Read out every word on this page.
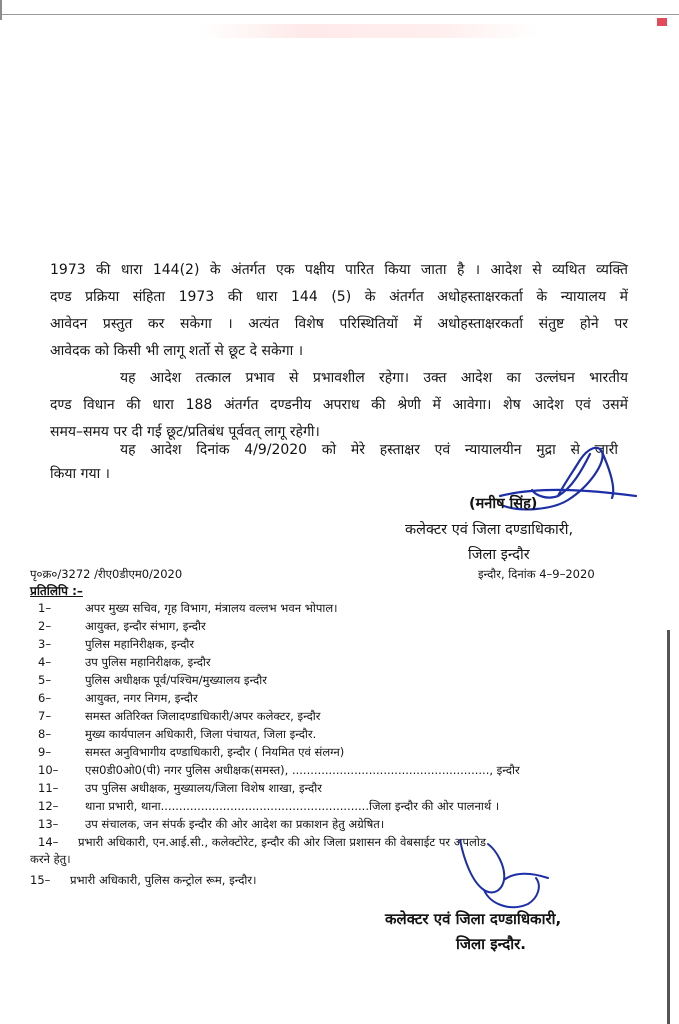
1973 की धारा 144(2) के अंतर्गत एक पक्षीय पारित किया जाता है । आदेश से व्यथित व्यक्ति
दण्ड प्रक्रिया संहिता 1973 की धारा 144 (5) के अंतर्गत अधोहस्ताक्षरकर्ता के न्यायालय में
आवेदन प्रस्तुत कर सकेगा । अत्यंत विशेष परिस्थितियों में अधोहस्ताक्षरकर्ता संतुष्ट होने पर
आवेदक को किसी भी लागू शर्तो से छूट दे सकेगा ।
यह आदेश तत्काल प्रभाव से प्रभावशील रहेगा। उक्त आदेश का उल्लंघन भारतीय
दण्ड विधान की धारा 188 अंतर्गत दण्डनीय अपराध की श्रेणी में आवेगा। शेष आदेश एवं उसमें
समय–समय पर दी गई छूट/प्रतिबंध पूर्ववत् लागू रहेगी।
यह आदेश दिनांक 4/9/2020 को मेरे हस्ताक्षर एवं न्यायालयीन मुद्रा से जारी
किया गया ।
(मनीष सिंह)
कलेक्टर एवं जिला दण्डाधिकारी,
जिला इन्दौर
पृ०क्र०/3272 /रीए0डीएम0/2020	इन्दौर, दिनांक 4–9–2020
प्रतिलिपि :–
1–	अपर मुख्य सचिव, गृह विभाग, मंत्रालय वल्लभ भवन भोपाल।
2–	आयुक्त, इन्दौर संभाग, इन्दौर
3–	पुलिस महानिरीक्षक, इन्दौर
4–	उप पुलिस महानिरीक्षक, इन्दौर
5–	पुलिस अधीक्षक पूर्व/पश्चिम/मुख्यालय इन्दौर
6–	आयुक्त, नगर निगम, इन्दौर
7–	समस्त अतिरिक्त जिलादण्डाधिकारी/अपर कलेक्टर, इन्दौर
8–	मुख्य कार्यपालन अधिकारी, जिला पंचायत, जिला इन्दौर.
9–	समस्त अनुविभागीय दण्डाधिकारी, इन्दौर ( नियमित एवं संलग्न)
10– एस0डी0ओ0(पी) नगर पुलिस अधीक्षक(समस्त), ......................................................, इन्दौर
11– उप पुलिस अधीक्षक, मुख्यालय/जिला विशेष शाखा, इन्दौर
12– थाना प्रभारी, थाना.........................................................जिला इन्दौर की ओर पालनार्थ ।
13– उप संचालक, जन संपर्क इन्दौर की ओर आदेश का प्रकाशन हेतु अग्रेषित।
14– प्रभारी अधिकारी, एन.आई.सी., कलेक्टोरेट, इन्दौर की ओर जिला प्रशासन की वेबसाईट पर अपलोड
करने हेतु।
15– प्रभारी अधिकारी, पुलिस कन्ट्रोल रूम, इन्दौर।
कलेक्टर एवं जिला दण्डाधिकारी,
जिला इन्दौर.
